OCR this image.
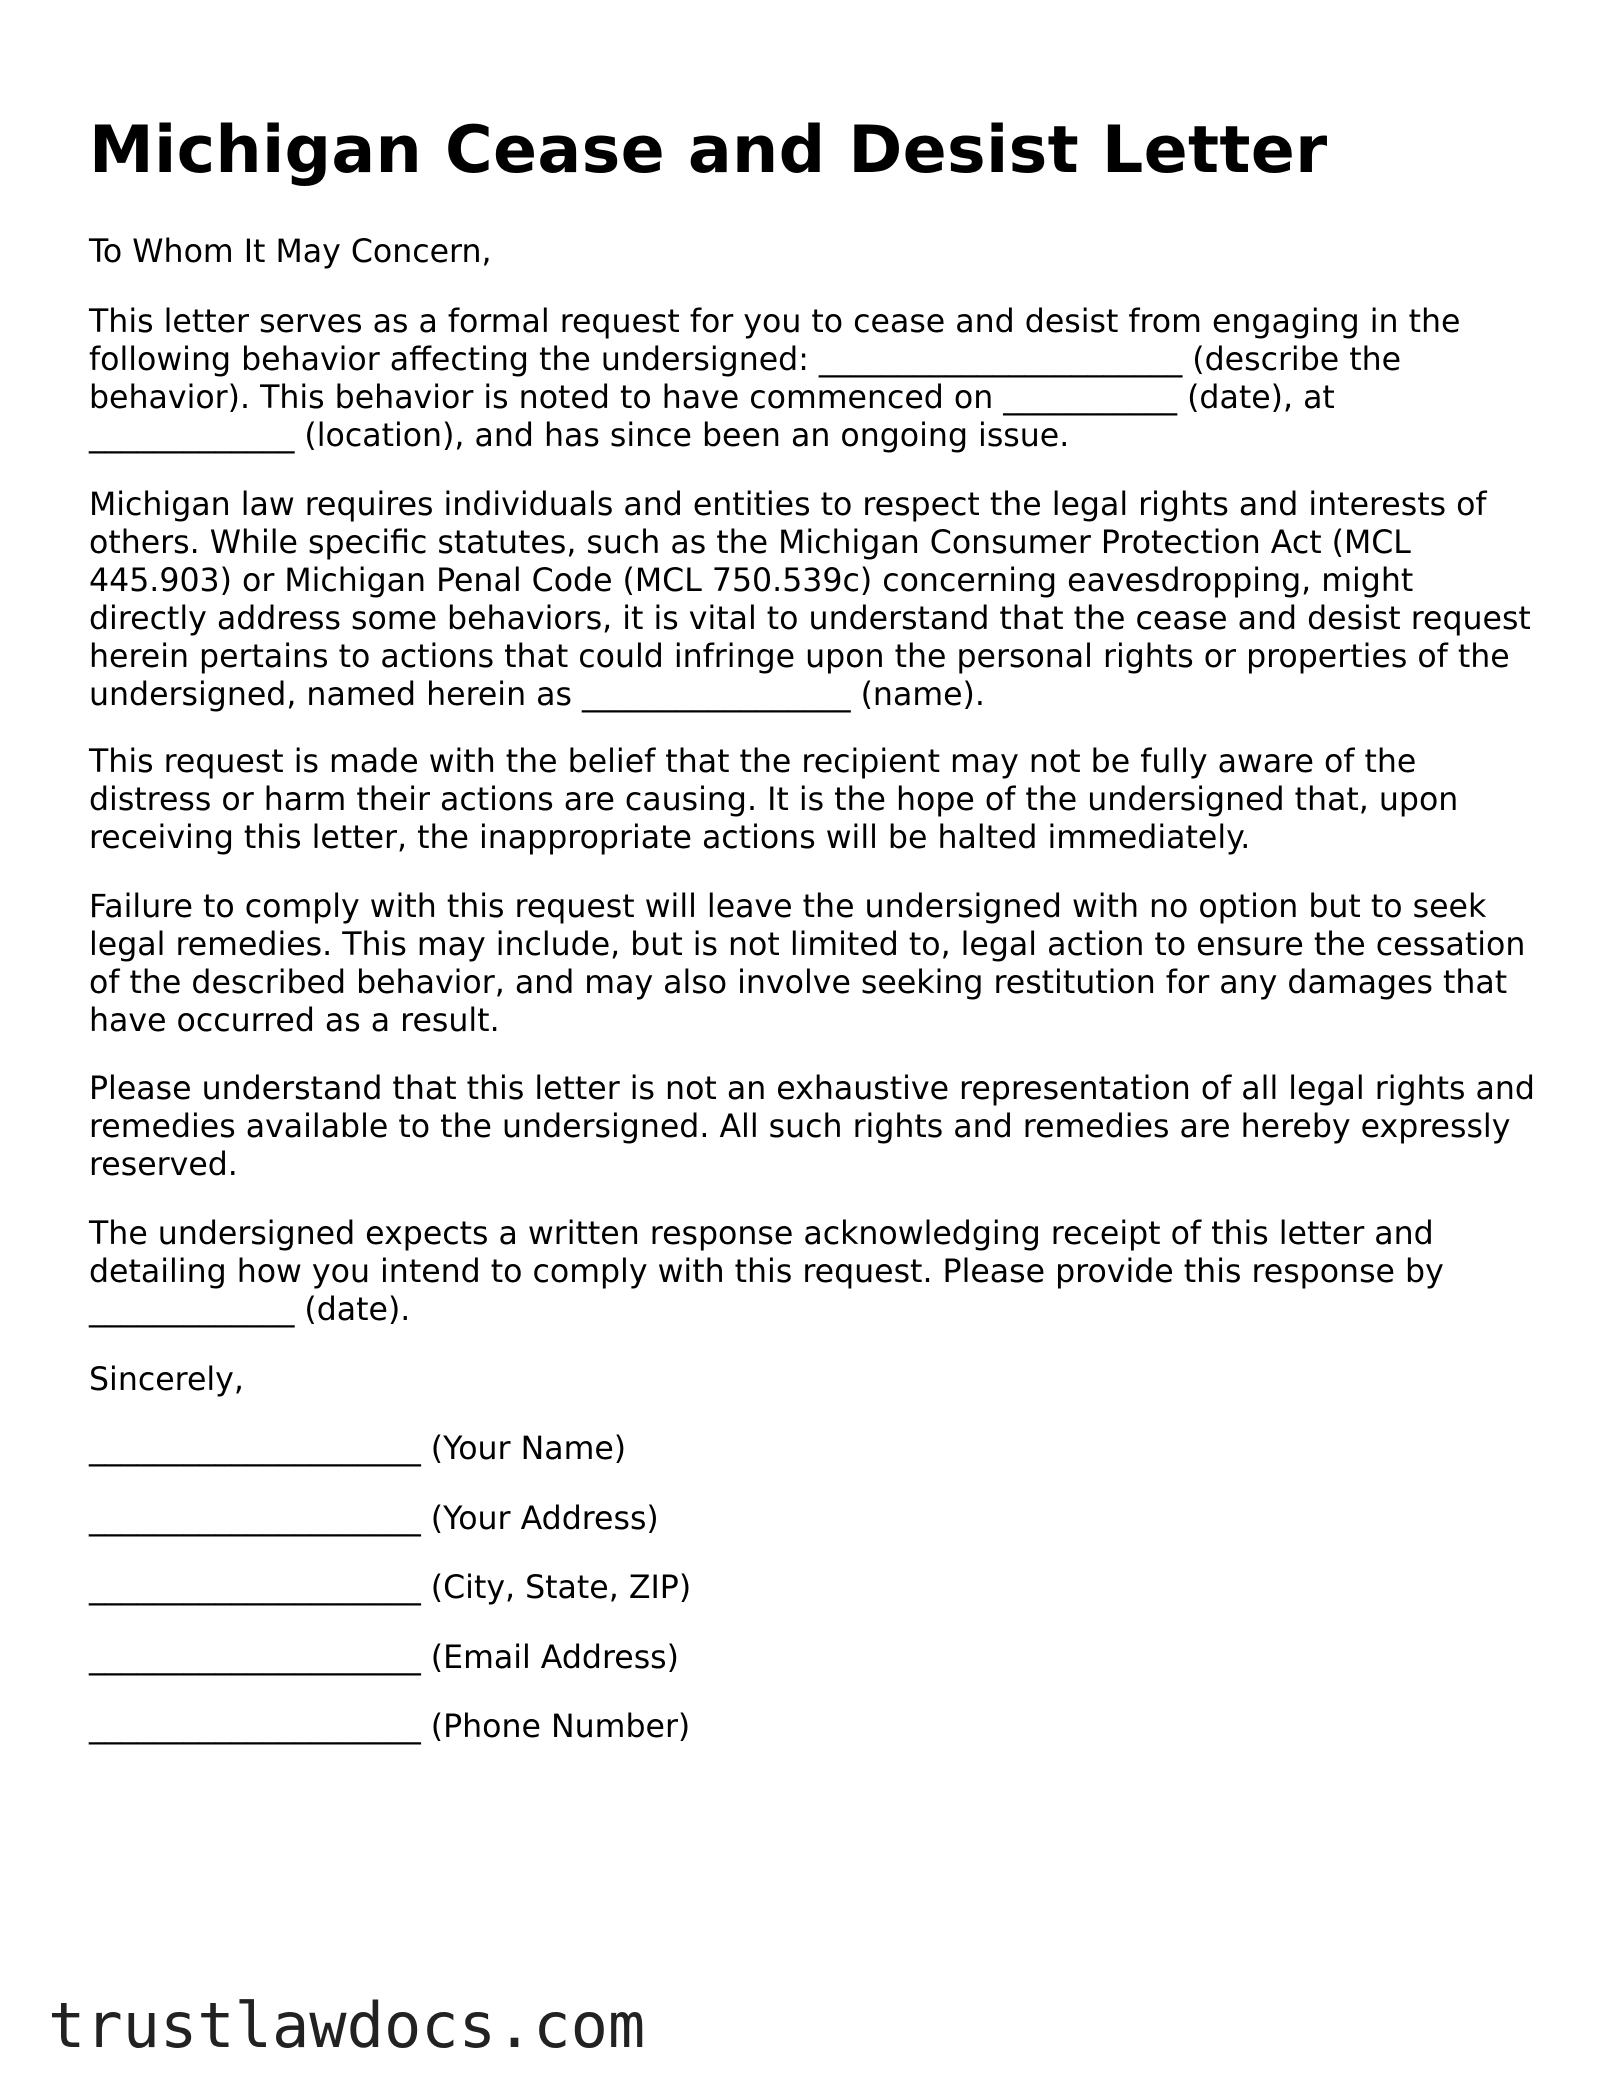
Michigan Cease and Desist Letter

To Whom It May Concern,

This letter serves as a formal request for you to cease and desist from engaging in the
following behavior affecting the undersigned: _______________________ (describe the
behavior). This behavior is noted to have commenced on ___________ (date), at
_____________ (location), and has since been an ongoing issue.

Michigan law requires individuals and entities to respect the legal rights and interests of
others. While specific statutes, such as the Michigan Consumer Protection Act (MCL
445.903) or Michigan Penal Code (MCL 750.539c) concerning eavesdropping, might
directly address some behaviors, it is vital to understand that the cease and desist request
herein pertains to actions that could infringe upon the personal rights or properties of the
undersigned, named herein as _________________ (name).

This request is made with the belief that the recipient may not be fully aware of the
distress or harm their actions are causing. It is the hope of the undersigned that, upon
receiving this letter, the inappropriate actions will be halted immediately.

Failure to comply with this request will leave the undersigned with no option but to seek
legal remedies. This may include, but is not limited to, legal action to ensure the cessation
of the described behavior, and may also involve seeking restitution for any damages that
have occurred as a result.

Please understand that this letter is not an exhaustive representation of all legal rights and
remedies available to the undersigned. All such rights and remedies are hereby expressly
reserved.

The undersigned expects a written response acknowledging receipt of this letter and
detailing how you intend to comply with this request. Please provide this response by
_____________ (date).

Sincerely,

_____________________ (Your Name)

_____________________ (Your Address)

_____________________ (City, State, ZIP)

_____________________ (Email Address)

_____________________ (Phone Number)

trustlawdocs.com
